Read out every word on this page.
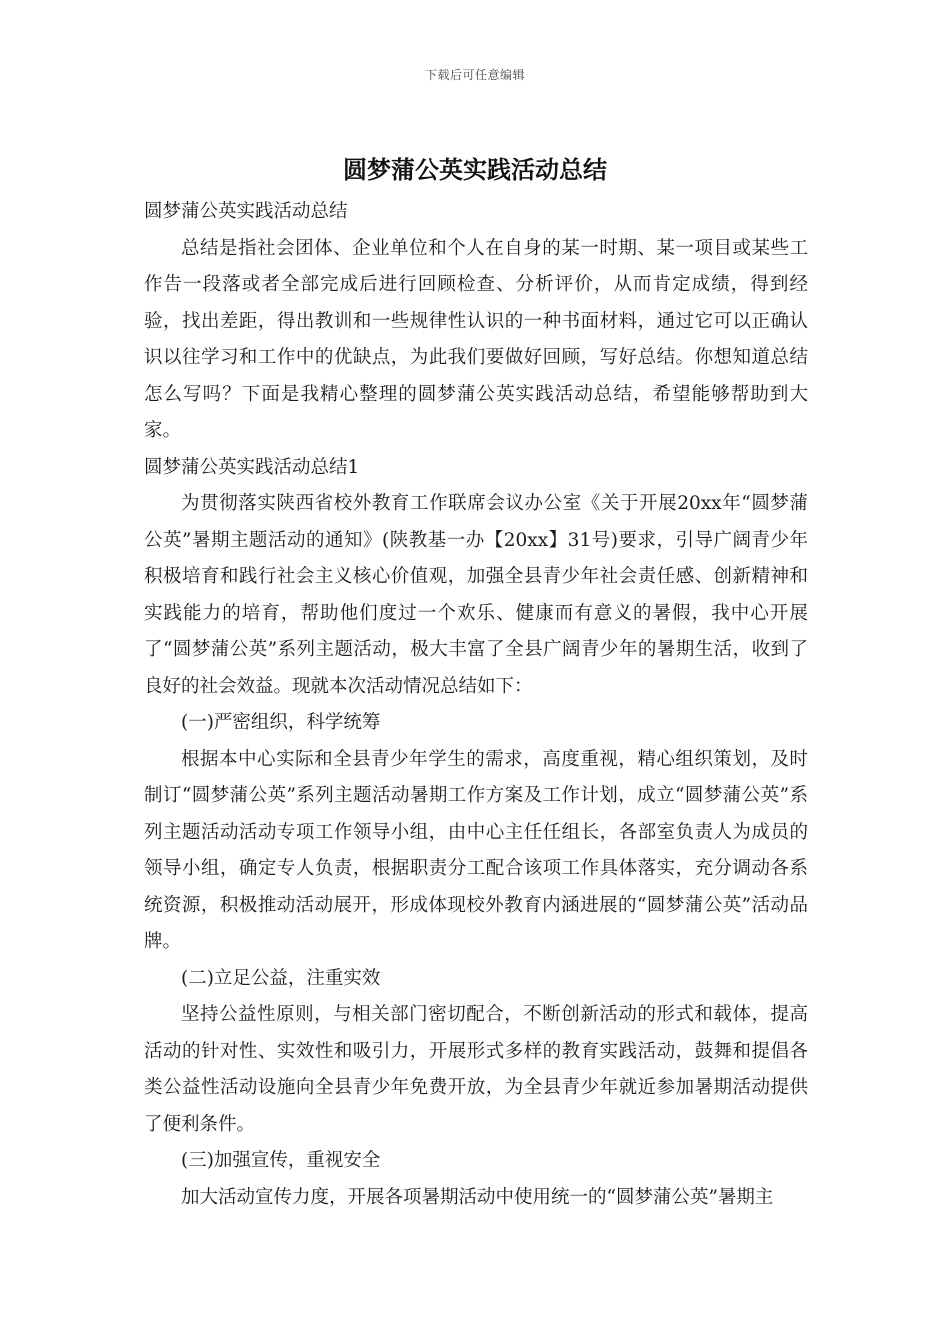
下载后可任意编辑
圆梦蒲公英实践活动总结

圆梦蒲公英实践活动总结

总结是指社会团体、企业单位和个人在自身的某一时期、某一项目或某些工作告一段落或者全部完成后进行回顾检查、分析评价，从而肯定成绩，得到经验，找出差距，得出教训和一些规律性认识的一种书面材料，通过它可以正确认识以往学习和工作中的优缺点，为此我们要做好回顾，写好总结。你想知道总结怎么写吗？下面是我精心整理的圆梦蒲公英实践活动总结，希望能够帮助到大家。

圆梦蒲公英实践活动总结1

为贯彻落实陕西省校外教育工作联席会议办公室《关于开展20xx年“圆梦蒲公英”暑期主题活动的通知》(陕教基一办【20xx】31号)要求，引导广阔青少年积极培育和践行社会主义核心价值观，加强全县青少年社会责任感、创新精神和实践能力的培育，帮助他们度过一个欢乐、健康而有意义的暑假，我中心开展了“圆梦蒲公英”系列主题活动，极大丰富了全县广阔青少年的暑期生活，收到了良好的社会效益。现就本次活动情况总结如下：

(一)严密组织，科学统筹

根据本中心实际和全县青少年学生的需求，高度重视，精心组织策划，及时制订“圆梦蒲公英”系列主题活动暑期工作方案及工作计划，成立“圆梦蒲公英”系列主题活动活动专项工作领导小组，由中心主任任组长，各部室负责人为成员的领导小组，确定专人负责，根据职责分工配合该项工作具体落实，充分调动各系统资源，积极推动活动展开，形成体现校外教育内涵进展的“圆梦蒲公英”活动品牌。

(二)立足公益，注重实效

坚持公益性原则，与相关部门密切配合，不断创新活动的形式和载体，提高活动的针对性、实效性和吸引力，开展形式多样的教育实践活动，鼓舞和提倡各类公益性活动设施向全县青少年免费开放，为全县青少年就近参加暑期活动提供了便利条件。

(三)加强宣传，重视安全

加大活动宣传力度，开展各项暑期活动中使用统一的“圆梦蒲公英”暑期主
